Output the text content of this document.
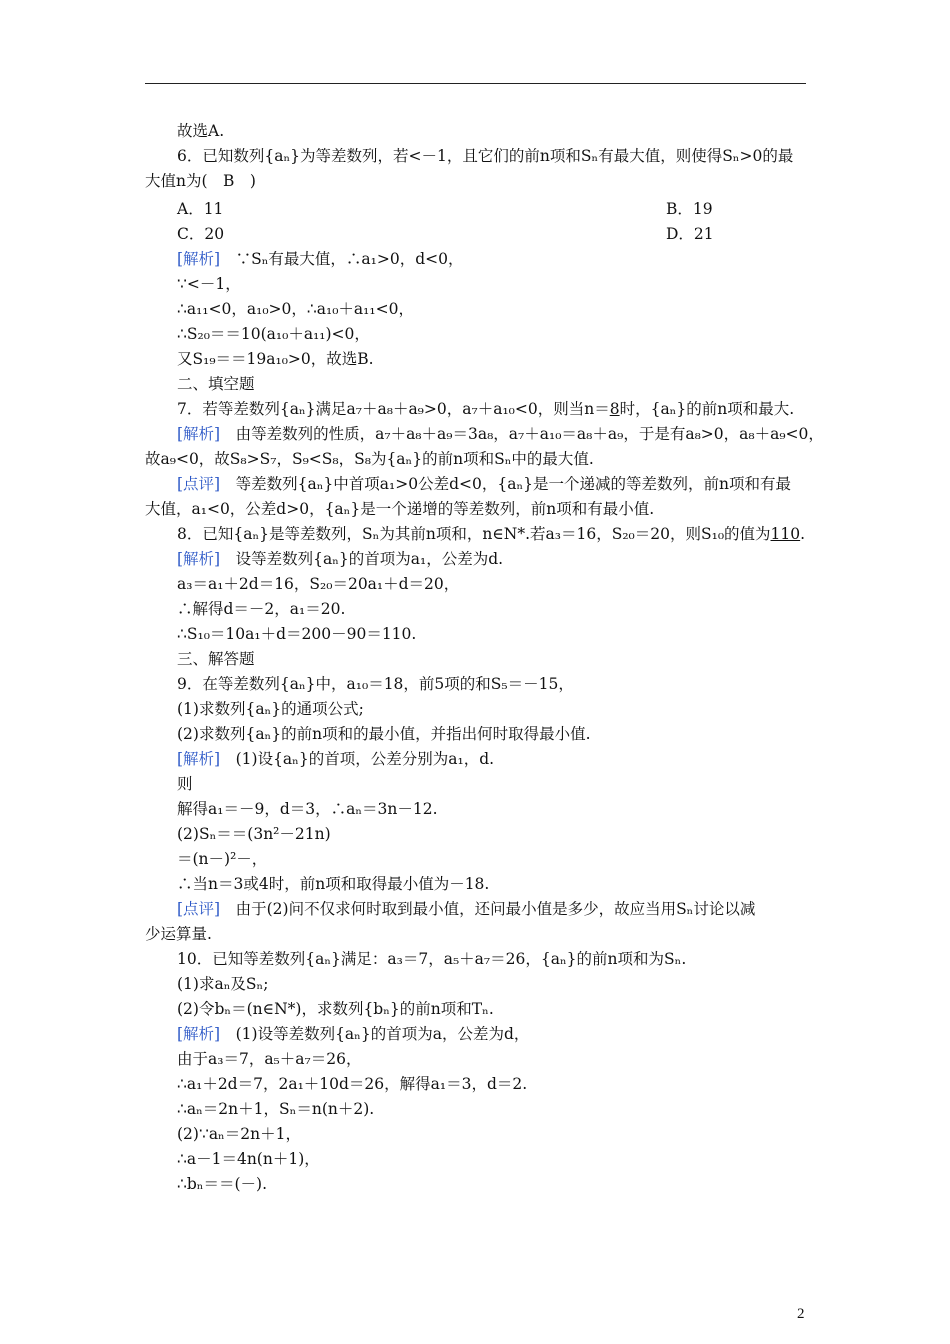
故选A.
6．已知数列{aₙ}为等差数列，若<－1，且它们的前n项和Sₙ有最大值，则使得Sₙ>0的最
大值n为(　B　)
A．11	B．19
C．20	D．21
[解析]　∵Sₙ有最大值，∴a₁>0，d<0，
∵<－1，
∴a₁₁<0，a₁₀>0，∴a₁₀＋a₁₁<0，
∴S₂₀＝＝10(a₁₀＋a₁₁)<0，
又S₁₉＝＝19a₁₀>0，故选B.
二、填空题
7．若等差数列{aₙ}满足a₇＋a₈＋a₉>0，a₇＋a₁₀<0，则当n＝8时，{aₙ}的前n项和最大.
[解析]　由等差数列的性质，a₇＋a₈＋a₉＝3a₈，a₇＋a₁₀＝a₈＋a₉，于是有a₈>0，a₈＋a₉<0，
故a₉<0，故S₈>S₇，S₉<S₈，S₈为{aₙ}的前n项和Sₙ中的最大值.
[点评]　等差数列{aₙ}中首项a₁>0公差d<0，{aₙ}是一个递减的等差数列，前n项和有最
大值，a₁<0，公差d>0，{aₙ}是一个递增的等差数列，前n项和有最小值.
8．已知{aₙ}是等差数列，Sₙ为其前n项和，n∈N*.若a₃＝16，S₂₀＝20，则S₁₀的值为110.
[解析]　设等差数列{aₙ}的首项为a₁，公差为d.
a₃＝a₁＋2d＝16，S₂₀＝20a₁＋d＝20，
∴解得d＝－2，a₁＝20.
∴S₁₀＝10a₁＋d＝200－90＝110.
三、解答题
9．在等差数列{aₙ}中，a₁₀＝18，前5项的和S₅＝－15，
(1)求数列{aₙ}的通项公式;
(2)求数列{aₙ}的前n项和的最小值，并指出何时取得最小值.
[解析]　(1)设{aₙ}的首项，公差分别为a₁，d.
则
解得a₁＝－9，d＝3，∴aₙ＝3n－12.
(2)Sₙ＝＝(3n²－21n)
＝(n－)²－，
∴当n＝3或4时，前n项和取得最小值为－18.
[点评]　由于(2)问不仅求何时取到最小值，还问最小值是多少，故应当用Sₙ讨论以减
少运算量.
10．已知等差数列{aₙ}满足：a₃＝7，a₅＋a₇＝26，{aₙ}的前n项和为Sₙ.
(1)求aₙ及Sₙ;
(2)令bₙ＝(n∈N*)，求数列{bₙ}的前n项和Tₙ.
[解析]　(1)设等差数列{aₙ}的首项为a，公差为d，
由于a₃＝7，a₅＋a₇＝26，
∴a₁＋2d＝7，2a₁＋10d＝26，解得a₁＝3，d＝2.
∴aₙ＝2n＋1，Sₙ＝n(n＋2).
(2)∵aₙ＝2n＋1，
∴a－1＝4n(n＋1)，
∴bₙ＝＝(－).
2
